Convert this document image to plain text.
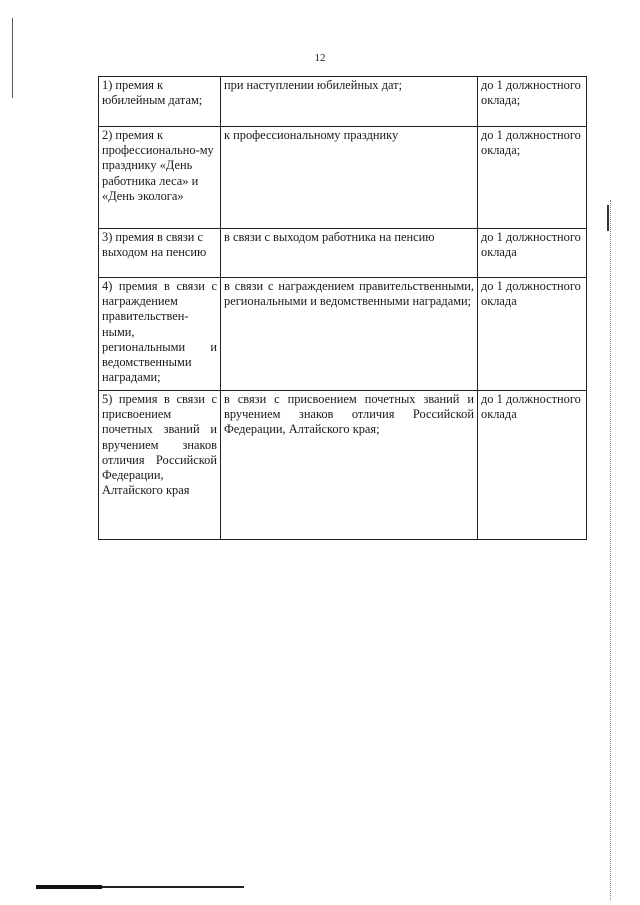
12
1) премия к юбилейным датам;	при наступлении юбилейных дат;	до 1 должностного оклада;
2) премия к профессионально-му празднику «День работника леса» и «День эколога»	к профессиональному празднику	до 1 должностного оклада;
3) премия в связи с выходом на пенсию	в связи с выходом работника на пенсию	до 1 должностного оклада
4) премия в связи с награждением правительствен-ными, региональными и ведомственными наградами;	в связи с награждением правительственными, региональными и ведомственными наградами;	до 1 должностного оклада
5) премия в связи с присвоением почетных званий и вручением знаков отличия Российской Федерации, Алтайского края	в связи с присвоением почетных званий и вручением знаков отличия Российской Федерации, Алтайского края;	до 1 должностного оклада
